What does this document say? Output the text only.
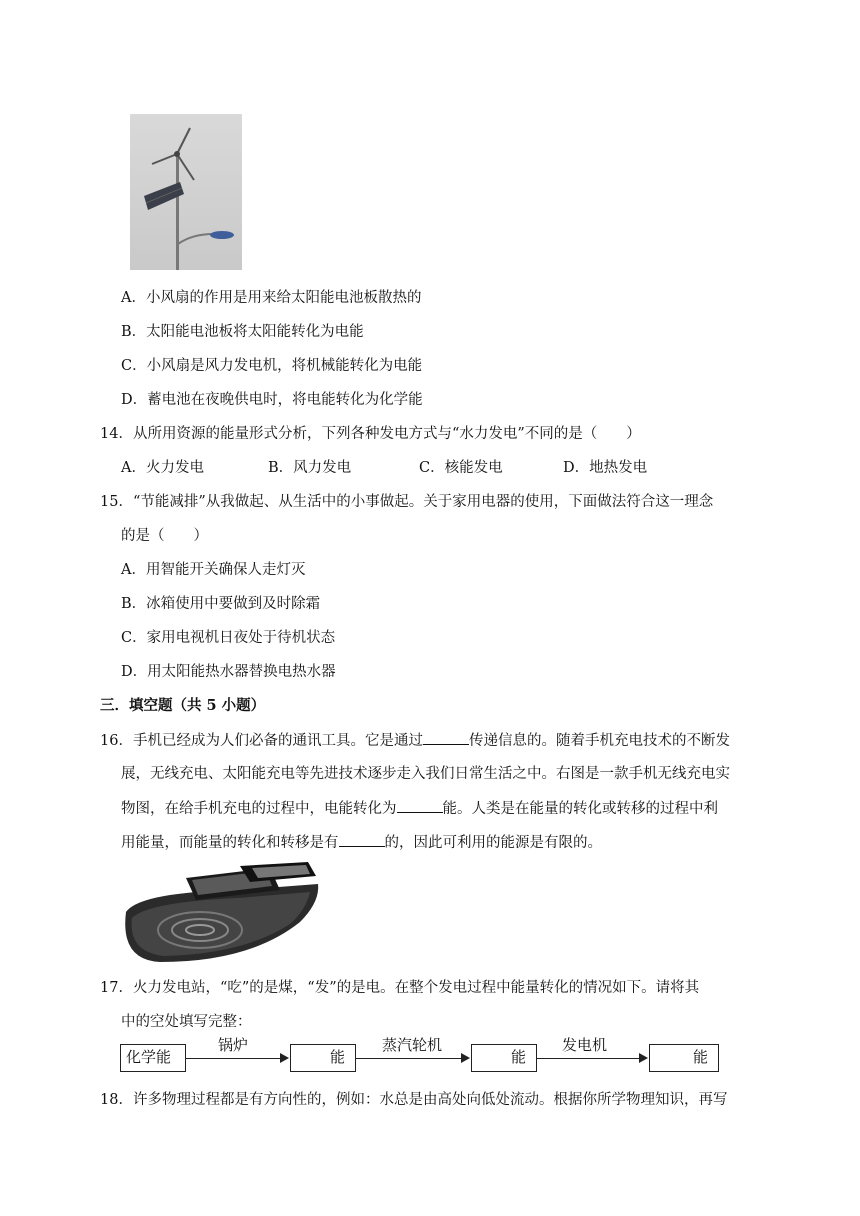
A．小风扇的作用是用来给太阳能电池板散热的
B．太阳能电池板将太阳能转化为电能
C．小风扇是风力发电机，将机械能转化为电能
D．蓄电池在夜晚供电时，将电能转化为化学能
14．从所用资源的能量形式分析，下列各种发电方式与“水力发电”不同的是（　　）
A．火力发电	B．风力发电	C．核能发电	D．地热发电
15．“节能减排”从我做起、从生活中的小事做起。关于家用电器的使用，下面做法符合这一理念
的是（　　）
A．用智能开关确保人走灯灭
B．冰箱使用中要做到及时除霜
C．家用电视机日夜处于待机状态
D．用太阳能热水器替换电热水器
三．填空题（共 5 小题）
16．手机已经成为人们必备的通讯工具。它是通过	传递信息的。随着手机充电技术的不断发
展，无线充电、太阳能充电等先进技术逐步走入我们日常生活之中。右图是一款手机无线充电实
物图，在给手机充电的过程中，电能转化为	能。人类是在能量的转化或转移的过程中利
用能量，而能量的转化和转移是有	的，因此可利用的能源是有限的。
17．火力发电站，“吃”的是煤，“发”的是电。在整个发电过程中能量转化的情况如下。请将其
中的空处填写完整：
化学能
锅炉
能
蒸汽轮机
能
发电机
能
18．许多物理过程都是有方向性的，例如：水总是由高处向低处流动。根据你所学物理知识，再写
